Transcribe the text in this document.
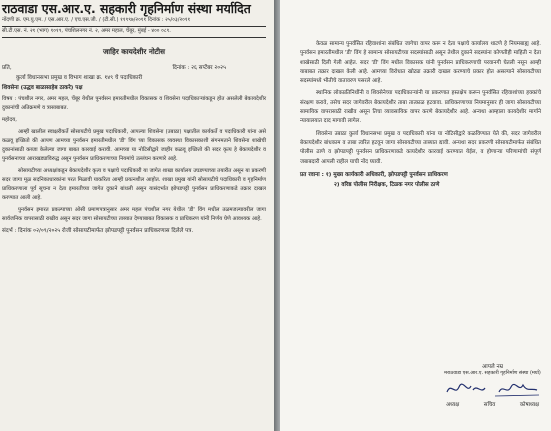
राठवाडा एस.आर.ए. सहकारी गृहनिर्माण संस्था मर्यादित
नोंदणी क्र. एम.यु.एम. / एस.आर.ए. / एच.एस.जी. / (टी.सी.) ११९९७/२०११ दिनांक : २५/०३/२०११
सी.टी.एस. नं. २१ (भाग) १०१९, पंचशिलनगर नं. २, अमर महाल, चेंबूर, मुंबई - ४०० ०८९.
जाहिर कायदेशीर नोटीस
प्रति,	दिनांक : २६ सप्टेंबर २०२५
कुर्ला विधानसभा प्रमुख व विभाग शाखा क्र. १४९ चे पदाधिकारी
शिवसेना (उद्धव बाळासाहेब ठाकरे) पक्ष
विषय : पंचशील नगर, अमर महल, चेंबूर येथील पुनर्वसन इमारतीमधील विकासक व शिवसेना पदाधिकाऱ्यांकडून होत असलेली बेकायदेशीर दुकानांची अतिक्रमणे व त्रासाबाबत.
महोदय,
आम्ही खालील स्वाक्षरीकर्ते सोसायटीचे प्रमुख पदाधिकारी, आपल्या शिवसेना (उबाठा) पक्षातील कार्यकर्ते व पदाधिकारी यांना असे कळवू इच्छितो की आपण आमच्या पुनर्वसन इमारतीमधील 'डी' विंग च्या विकासक व्यवस्था विकासकाशी संगनमताने शिवसेना शाखेची दुकानांसाठी कब्जा केलेल्या जागा बाबत कारवाई करावी. आमच्या या नोटिसीद्वारे जाहीर कळवू इच्छितो की सदर कृत्य हे बेकायदेशीर व पुनर्वसनाच्या आराखड्याविरुद्ध असून पुनर्वसन प्राधिकरणाच्या नियमांचे उल्लंघन करणारे आहे.
सोसायटीच्या अध्यक्षांकडून बेकायदेशीर कृत्य व पक्षाचे पदाधिकारी या जागेत शाखा कार्यालय उघडण्याच्या तयारीत असून या प्रकरणी सदर जागा मूळ सदनिकाधारकांना परत मिळावी याकरिता आम्ही प्रयत्नशील आहोत. शाखा प्रमुख यांनी सोसायटीचे पदाधिकारी व गृहनिर्माण प्राधिकरणाला पूर्व सूचना न देता इमारतीच्या जागेत दुकाने बांधली असून यासंदर्भात झोपडपट्टी पुनर्वसन प्राधिकरणाकडे तक्रार दाखल करण्यात आली आहे.
पुनर्वसन इमारत प्रकल्पाच्या ओसी प्रमाणपत्रानुसार अमर महल पंचशील नगर येथील 'डी' विंग मधील तळमजल्यावरील जागा सार्वजनिक वापरासाठी राखीव असून सदर जागा सोसायटीच्या ताब्यात देण्याबाबत विकासक व प्राधिकरण यांनी निर्णय घेणे आवश्यक आहे.
संदर्भ : दिनांक ०२/०९/२०२५ रोजी सोसायटीमार्फत झोपडपट्टी पुनर्वसन प्राधिकरणास दिलेले पत्र.
केवळ सामान्य पुनर्वसित रहिवाशांना संबंधित जागेचा वापर करू न देता पक्षाचे कार्यालय थाटणे हे नियमबाह्य आहे. पुनर्वसन इमारतीमधील 'डी' विंग हे सामान्य सोसायटीच्या सदस्यांसाठी असून तेथील दुकाने सदस्यांना कोणतीही माहिती न देता शाखेसाठी दिली गेली आहेत. सदर 'डी' विंग मधील विकासक यांनी पुनर्वसन प्राधिकरणाची परवानगी घेतली नसून आम्ही याबाबत तक्रार दाखल केली आहे. आमच्या विरोधात खोट्या तक्रारी दाखल करण्याचे प्रकार होत असल्याने सोसायटीच्या सदस्यांमध्ये भीतीचे वातावरण पसरले आहे.
स्थानिक लोकप्रतिनिधींनी व शिवसेनेच्या पदाधिकाऱ्यांनी या प्रकरणात हस्तक्षेप करून पुनर्वसित रहिवाशांच्या हक्कांचे संरक्षण करावे, तसेच सदर जागेवरील बेकायदेशीर ताबा तात्काळ हटवावा. प्राधिकरणाच्या नियमानुसार ही जागा सोसायटीच्या सामायिक वापरासाठी राखीव असून तिचा व्यावसायिक वापर करणे बेकायदेशीर आहे. अन्यथा आम्हाला कायदेशीर मार्गाने न्यायालयात दाद मागावी लागेल.
शिवसेना उबाठा कुर्ला विधानसभा प्रमुख व पदाधिकारी यांना या नोटिसीद्वारे कळविण्यात येते की, सदर जागेवरील बेकायदेशीर बांधकाम व ताबा त्वरित हटवून जागा सोसायटीच्या ताब्यात द्यावी. अन्यथा सदर प्रकरणी सोसायटीमार्फत संबंधित पोलीस ठाणे व झोपडपट्टी पुनर्वसन प्राधिकरणाकडे कायदेशीर कारवाई करण्यात येईल, व होणाऱ्या परिणामांची संपूर्ण जबाबदारी आपली राहील याची नोंद घ्यावी.
प्रत रवाना : १) मुख्य कार्यकारी अधिकारी, झोपडपट्टी पुनर्वसन प्राधिकरण
२) वरिष्ठ पोलीस निरीक्षक, टिळक नगर पोलीस ठाणे
आपले नम्र
मराठवाडा एस.आर.ए. सहकारी गृहनिर्माण संस्था (मर्या)
अध्यक्ष	सचिव	कोषाध्यक्ष
